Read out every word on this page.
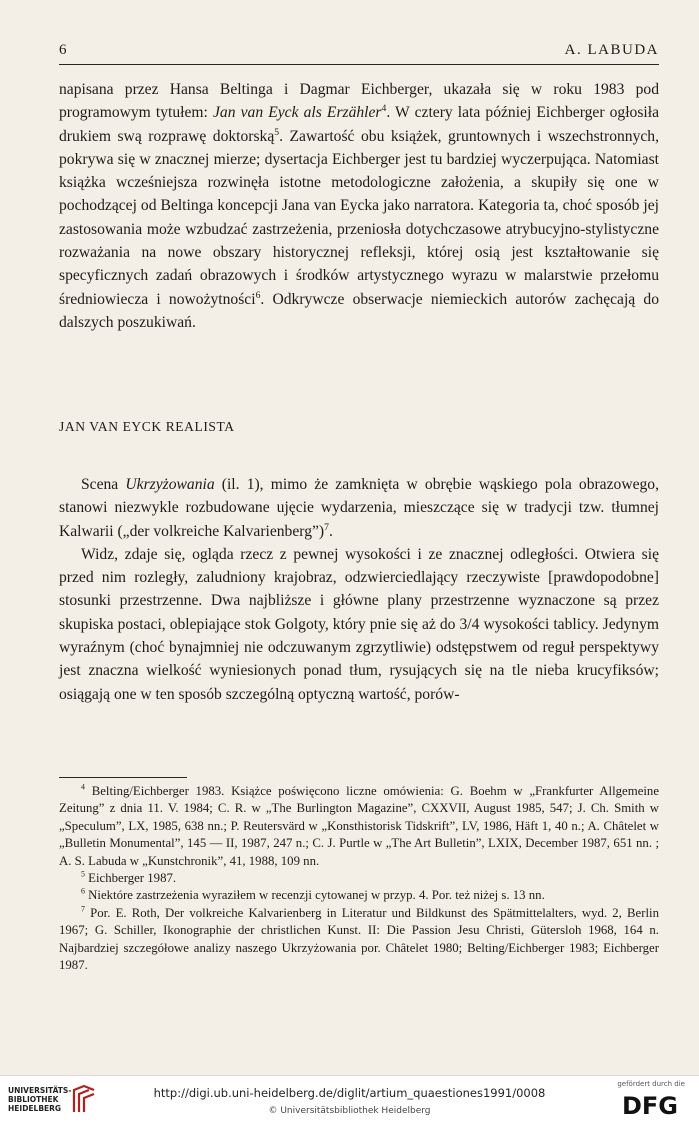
6	A. LABUDA

napisana przez Hansa Beltinga i Dagmar Eichberger, ukazała się w roku 1983 pod programowym tytułem: Jan van Eyck als Erzähler$^4$. W cztery lata później Eichberger ogłosiła drukiem swą rozprawę doktorską$^5$. Zawartość obu książek, gruntownych i wszechstronnych, pokrywa się w znacznej mierze; dysertacja Eichberger jest tu bardziej wyczerpująca. Natomiast książka wcześniejsza rozwinęła istotne metodologiczne założenia, a skupiły się one w pochodzącej od Beltinga koncepcji Jana van Eycka jako narratora. Kategoria ta, choć sposób jej zastosowania może wzbudzać zastrzeżenia, przeniosła dotychczasowe atrybucyjno-stylistyczne rozważania na nowe obszary historycznej refleksji, której osią jest kształtowanie się specyficznych zadań obrazowych i środków artystycznego wyrazu w malarstwie przełomu średniowiecza i nowożytności$^6$. Odkrywcze obserwacje niemieckich autorów zachęcają do dalszych poszukiwań.

JAN VAN EYCK REALISTA

Scena Ukrzyżowania (il. 1), mimo że zamknięta w obrębie wąskiego pola obrazowego, stanowi niezwykle rozbudowane ujęcie wydarzenia, mieszczące się w tradycji tzw. tłumnej Kalwarii („der volkreiche Kalvarienberg”)$^7$.

Widz, zdaje się, ogląda rzecz z pewnej wysokości i ze znacznej odległości. Otwiera się przed nim rozległy, zaludniony krajobraz, odzwierciedlający rzeczywiste [prawdopodobne] stosunki przestrzenne. Dwa najbliższe i główne plany przestrzenne wyznaczone są przez skupiska postaci, oblepiające stok Golgoty, który pnie się aż do 3/4 wysokości tablicy. Jedynym wyraźnym (choć bynajmniej nie odczuwanym zgrzytliwie) odstępstwem od reguł perspektywy jest znaczna wielkość wyniesionych ponad tłum, rysujących się na tle nieba krucyfiksów; osiągają one w ten sposób szczególną optyczną wartość, porów-

$^4$ Belting/Eichberger 1983. Książce poświęcono liczne omówienia: G. Boehm w „Frankfurter Allgemeine Zeitung” z dnia 11. V. 1984; C. R. w „The Burlington Magazine”, CXXVII, August 1985, 547; J. Ch. Smith w „Speculum”, LX, 1985, 638 nn.; P. Reutersvärd w „Konsthistorisk Tidskrift”, LV, 1986, Häft 1, 40 n.; A. Châtelet w „Bulletin Monumental”, 145 — II, 1987, 247 n.; C. J. Purtle w „The Art Bulletin”, LXIX, December 1987, 651 nn. ; A. S. Labuda w „Kunstchronik”, 41, 1988, 109 nn.

$^5$ Eichberger 1987.

$^6$ Niektóre zastrzeżenia wyraziłem w recenzji cytowanej w przyp. 4. Por. też niżej s. 13 nn.

$^7$ Por. E. Roth, Der volkreiche Kalvarienberg in Literatur und Bildkunst des Spätmittelalters, wyd. 2, Berlin 1967; G. Schiller, Ikonographie der christlichen Kunst. II: Die Passion Jesu Christi, Gütersloh 1968, 164 n. Najbardziej szczegółowe analizy naszego Ukrzyżowania por. Châtelet 1980; Belting/Eichberger 1983; Eichberger 1987.

UNIVERSITÄTS-
BIBLIOTHEK
HEIDELBERG
http://digi.ub.uni-heidelberg.de/diglit/artium_quaestiones1991/0008
© Universitätsbibliothek Heidelberg
gefördert durch die
DFG
